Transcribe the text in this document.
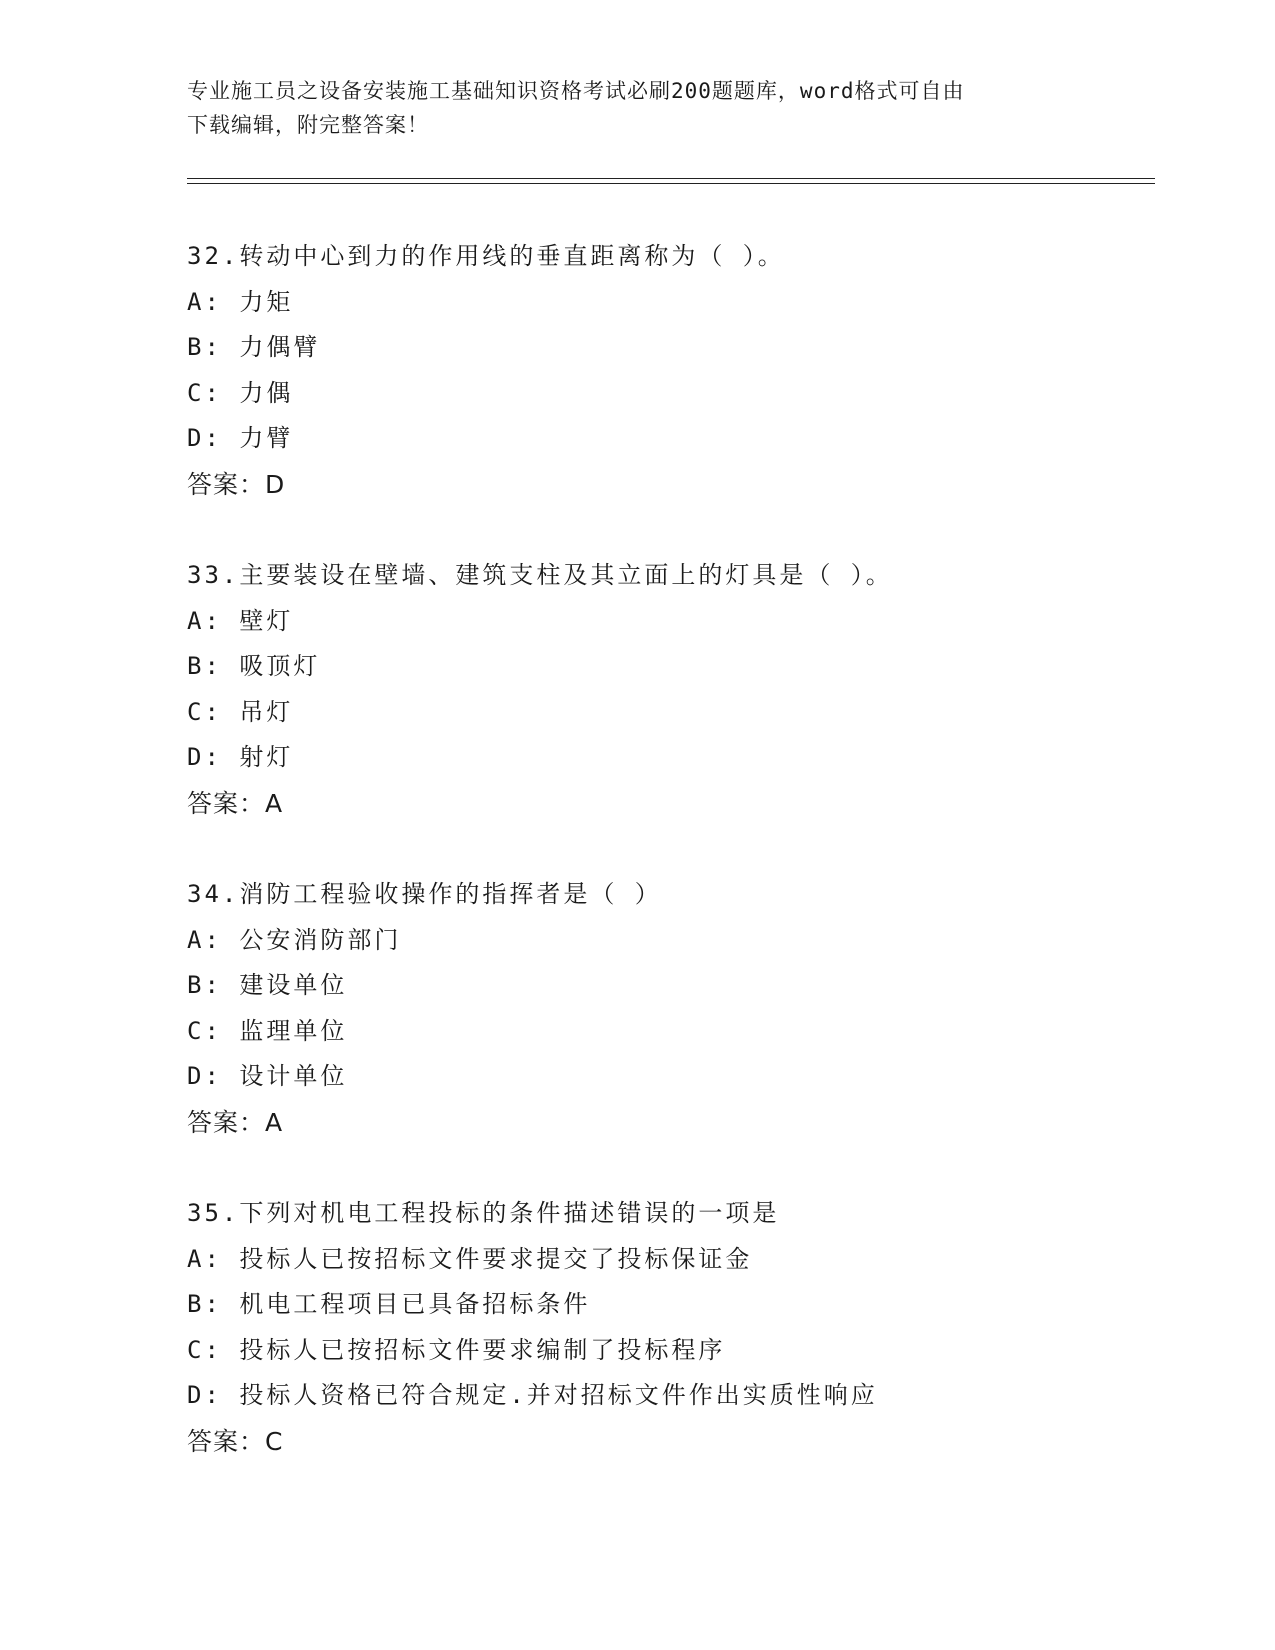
专业施工员之设备安装施工基础知识资格考试必刷200题题库，word格式可自由
下载编辑，附完整答案！
32.转动中心到力的作用线的垂直距离称为（ ）。
A: 力矩
B: 力偶臂
C: 力偶
D: 力臂
答案：D
33.主要装设在壁墙、建筑支柱及其立面上的灯具是（ ）。
A: 壁灯
B: 吸顶灯
C: 吊灯
D: 射灯
答案：A
34.消防工程验收操作的指挥者是（ ）
A: 公安消防部门
B: 建设单位
C: 监理单位
D: 设计单位
答案：A
35.下列对机电工程投标的条件描述错误的一项是
A: 投标人已按招标文件要求提交了投标保证金
B: 机电工程项目已具备招标条件
C: 投标人已按招标文件要求编制了投标程序
D: 投标人资格已符合规定.并对招标文件作出实质性响应
答案：C
